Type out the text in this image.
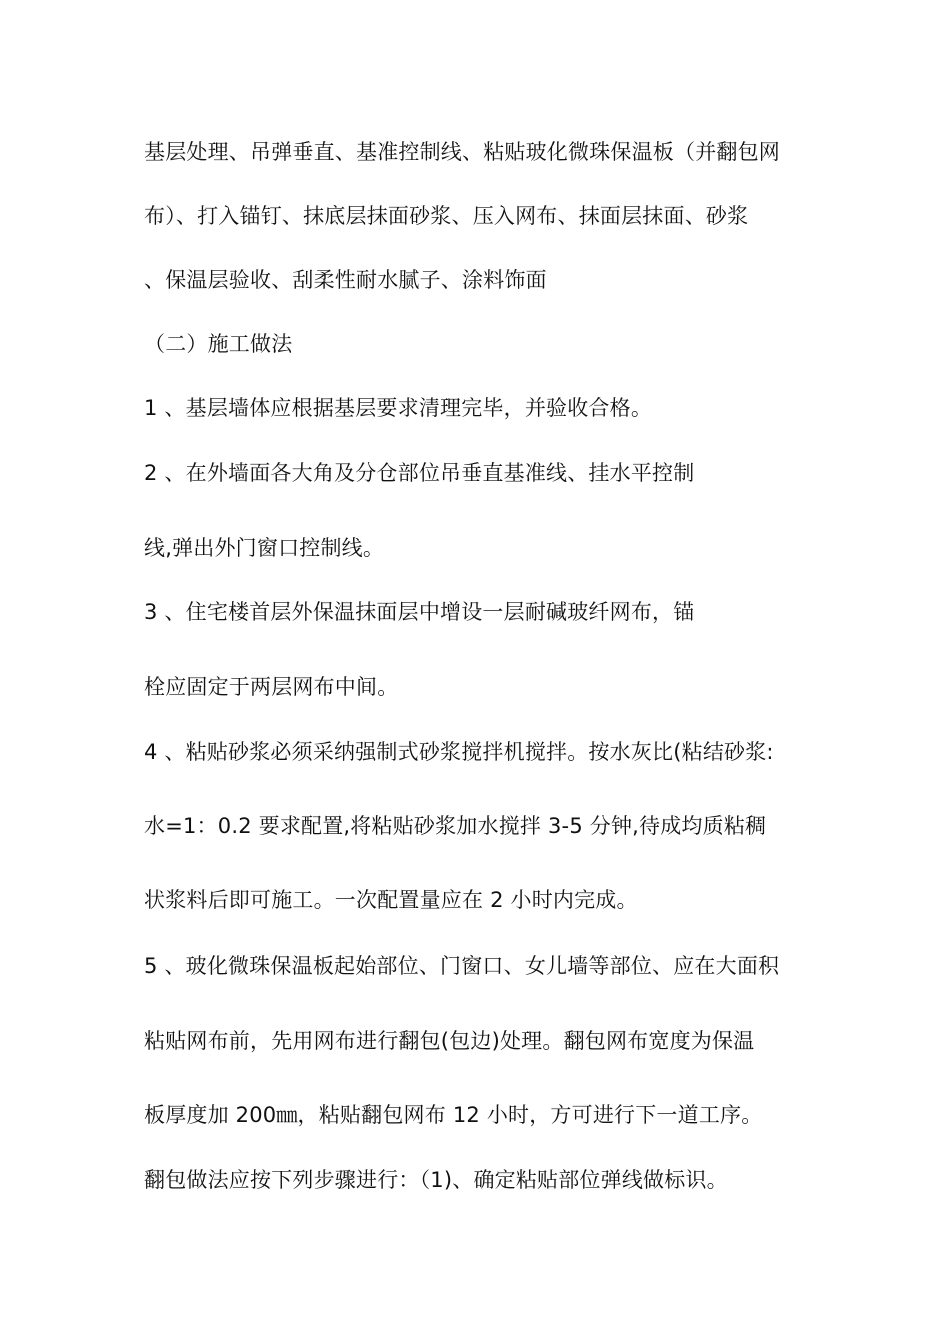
基层处理、吊弹垂直、基准控制线、粘贴玻化微珠保温板（并翻包网
布）、打入锚钉、抹底层抹面砂浆、压入网布、抹面层抹面、砂浆
、保温层验收、刮柔性耐水腻子、涂料饰面
（二）施工做法
1 、基层墙体应根据基层要求清理完毕，并验收合格。
2 、在外墙面各大角及分仓部位吊垂直基准线、挂水平控制
线,弹出外门窗口控制线。
3 、住宅楼首层外保温抹面层中增设一层耐碱玻纤网布，锚
栓应固定于两层网布中间。
4 、粘贴砂浆必须采纳强制式砂浆搅拌机搅拌。按水灰比(粘结砂浆:
水=1：0.2 要求配置,将粘贴砂浆加水搅拌 3-5 分钟,待成均质粘稠
状浆料后即可施工。一次配置量应在 2 小时内完成。
5 、玻化微珠保温板起始部位、门窗口、女儿墙等部位、应在大面积
粘贴网布前，先用网布进行翻包(包边)处理。翻包网布宽度为保温
板厚度加 200㎜，粘贴翻包网布 12 小时，方可进行下一道工序。
翻包做法应按下列步骤进行：（1)、确定粘贴部位弹线做标识。
